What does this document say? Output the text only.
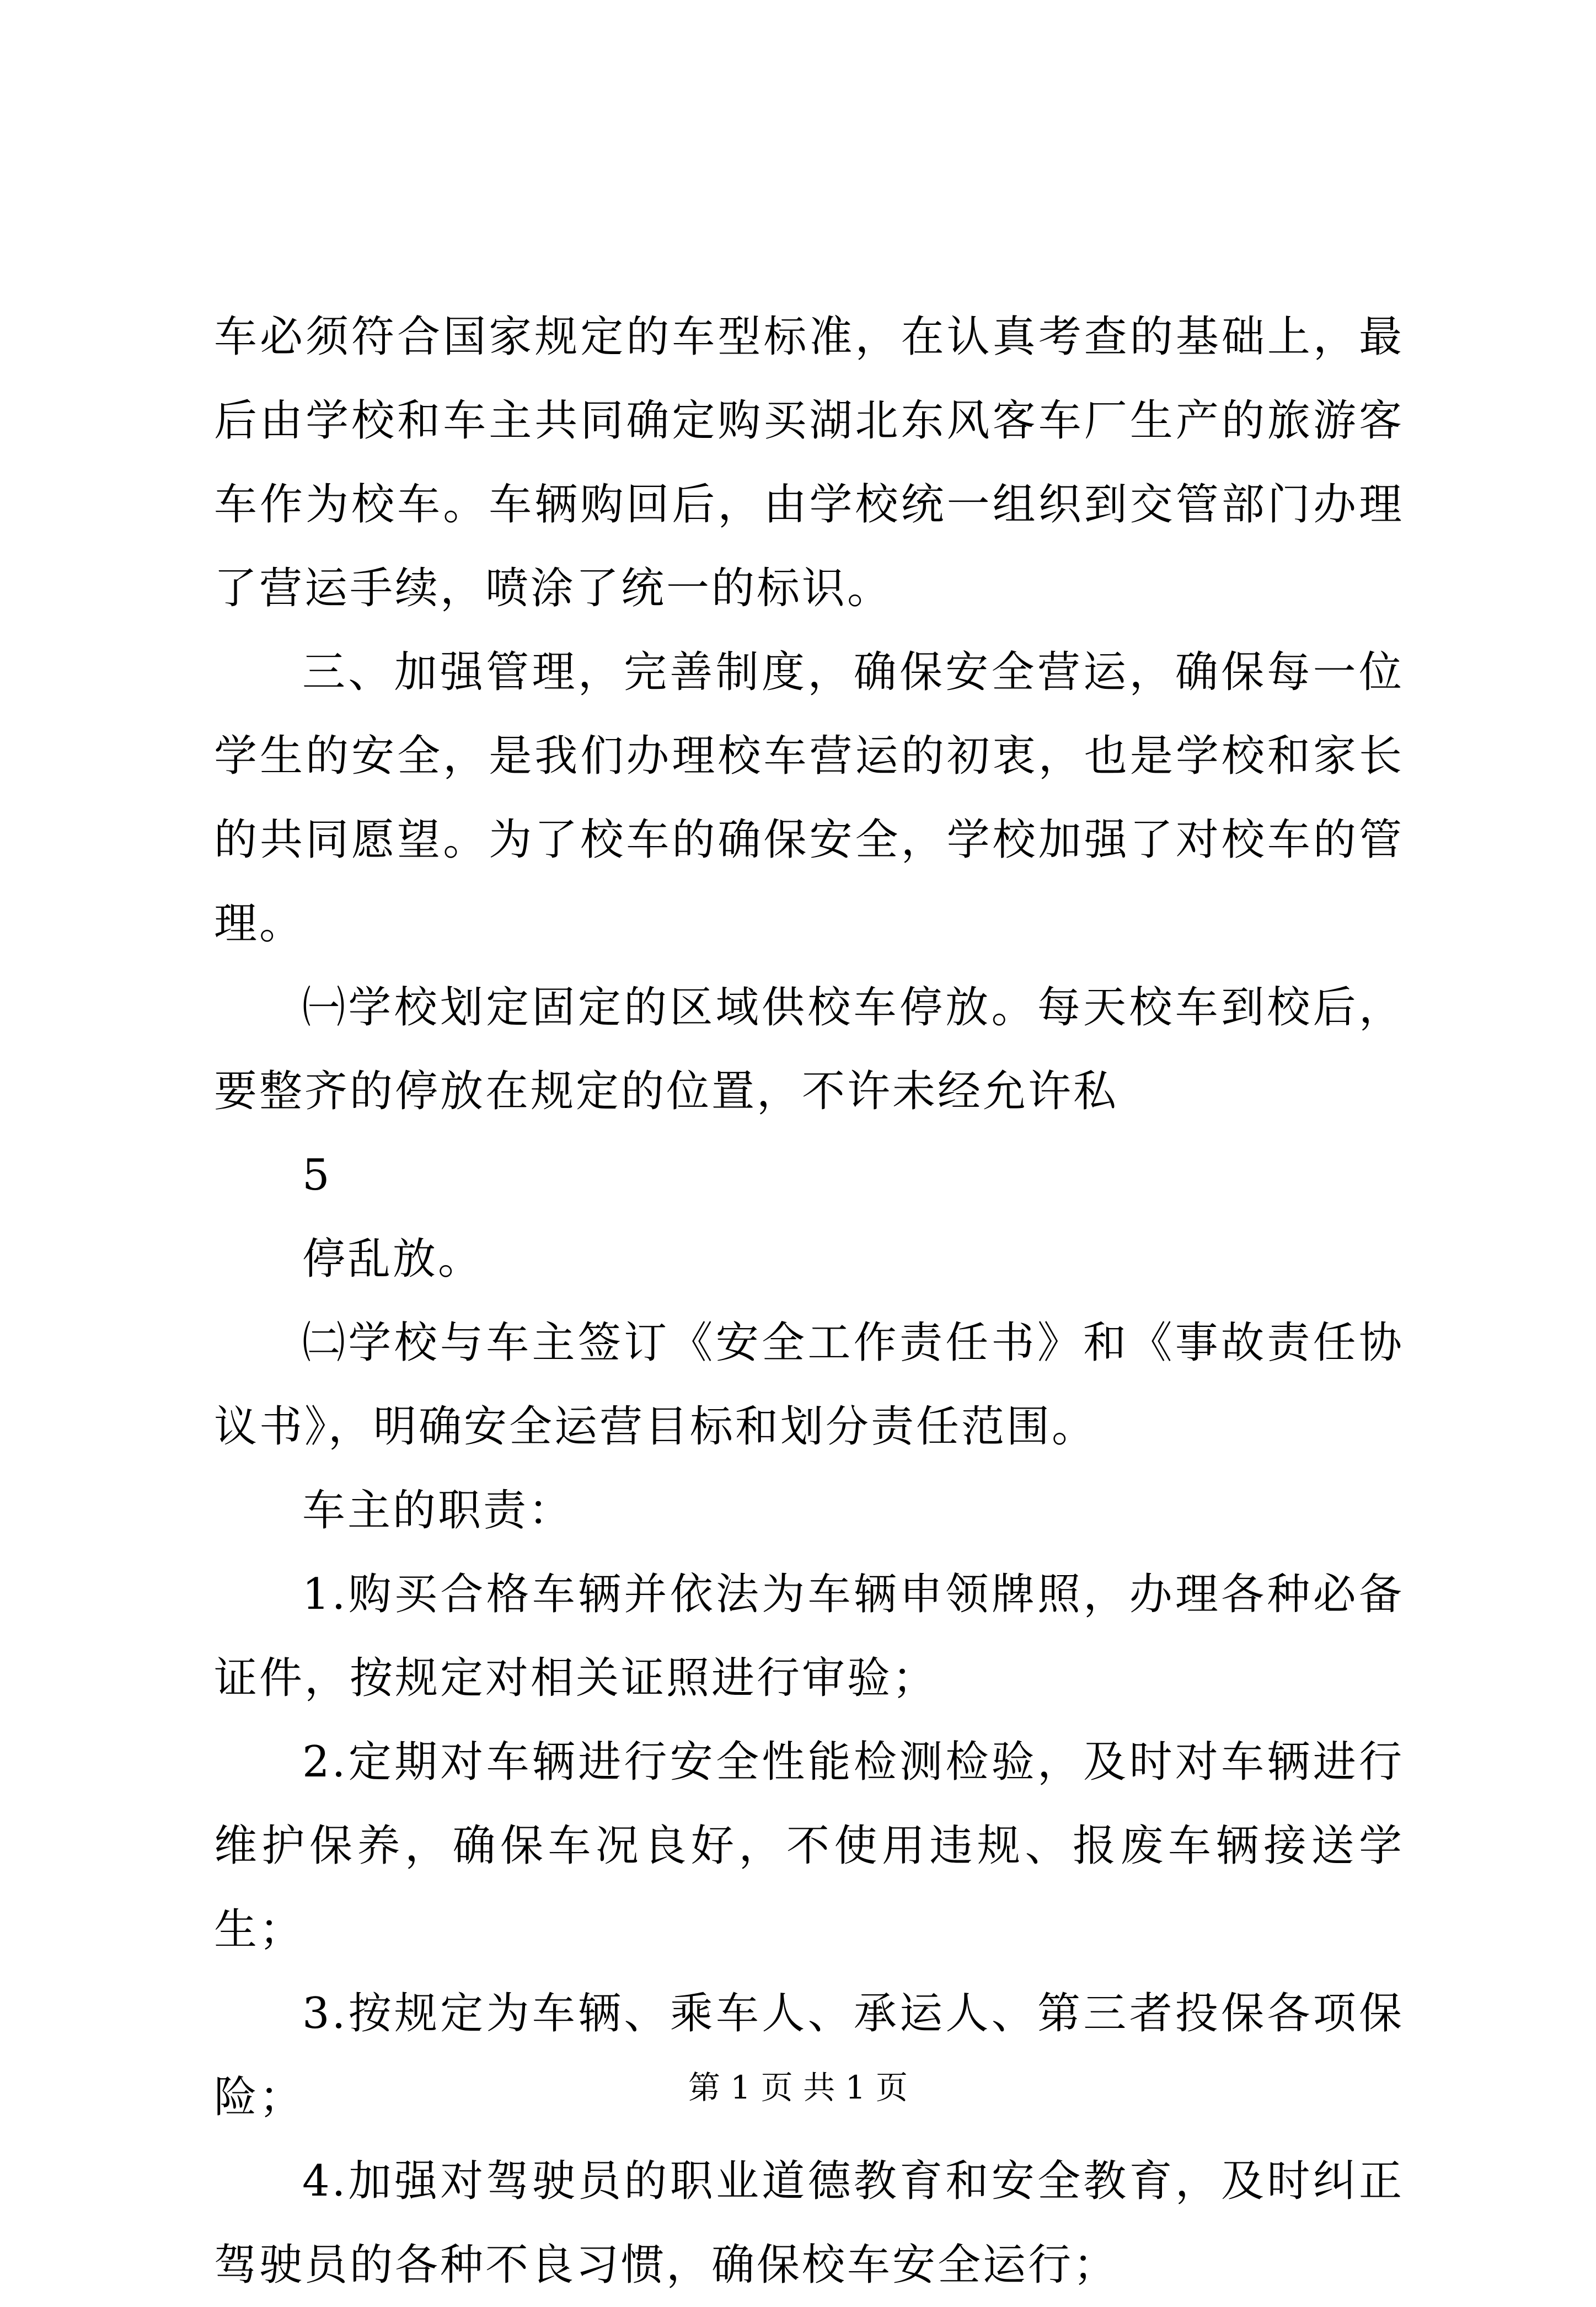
车必须符合国家规定的车型标准，在认真考查的基础上，最后由学校和车主共同确定购买湖北东风客车厂生产的旅游客车作为校车。车辆购回后，由学校统一组织到交管部门办理了营运手续，喷涂了统一的标识。

三、加强管理，完善制度，确保安全营运，确保每一位学生的安全，是我们办理校车营运的初衷，也是学校和家长的共同愿望。为了校车的确保安全，学校加强了对校车的管理。

㈠学校划定固定的区域供校车停放。每天校车到校后，要整齐的停放在规定的位置，不许未经允许私

5

停乱放。

㈡学校与车主签订《安全工作责任书》和《事故责任协议书》，明确安全运营目标和划分责任范围。

车主的职责：

1.购买合格车辆并依法为车辆申领牌照，办理各种必备证件，按规定对相关证照进行审验；

2.定期对车辆进行安全性能检测检验，及时对车辆进行维护保养，确保车况良好，不使用违规、报废车辆接送学生；

3.按规定为车辆、乘车人、承运人、第三者投保各项保险；

4.加强对驾驶员的职业道德教育和安全教育，及时纠正驾驶员的各种不良习惯，确保校车安全运行；

第 1 页 共 1 页
